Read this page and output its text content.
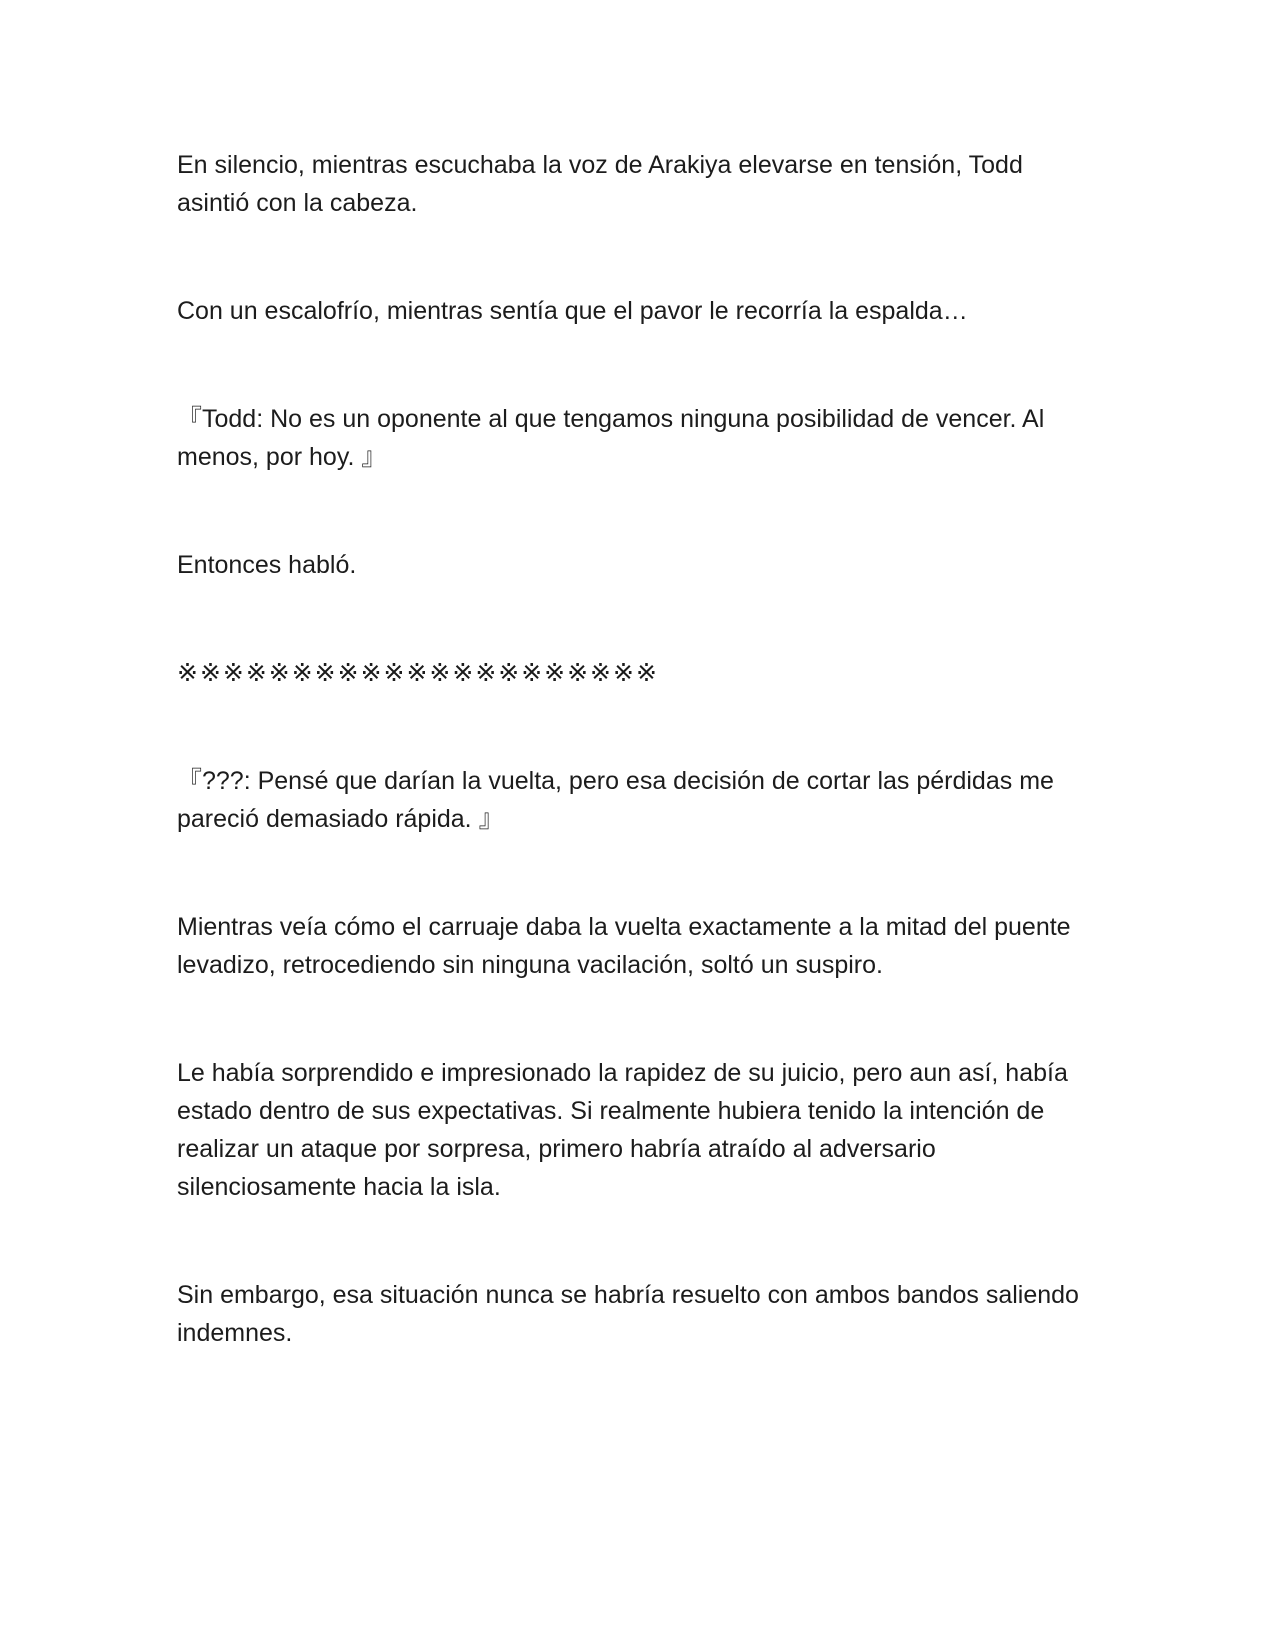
En silencio, mientras escuchaba la voz de Arakiya elevarse en tensión, Todd asintió con la cabeza.

Con un escalofrío, mientras sentía que el pavor le recorría la espalda…

『Todd: No es un oponente al que tengamos ninguna posibilidad de vencer. Al menos, por hoy. 』

Entonces habló.

※※※※※※※※※※※※※※※※※※※※※

『???: Pensé que darían la vuelta, pero esa decisión de cortar las pérdidas me pareció demasiado rápida. 』

Mientras veía cómo el carruaje daba la vuelta exactamente a la mitad del puente levadizo, retrocediendo sin ninguna vacilación, soltó un suspiro.

Le había sorprendido e impresionado la rapidez de su juicio, pero aun así, había estado dentro de sus expectativas. Si realmente hubiera tenido la intención de realizar un ataque por sorpresa, primero habría atraído al adversario silenciosamente hacia la isla.

Sin embargo, esa situación nunca se habría resuelto con ambos bandos saliendo indemnes.
